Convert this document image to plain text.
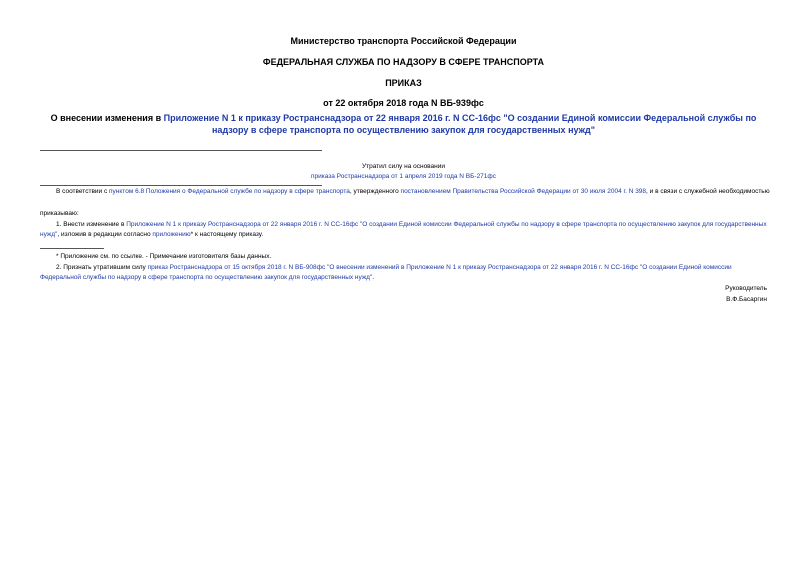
Министерство транспорта Российской Федерации
ФЕДЕРАЛЬНАЯ СЛУЖБА ПО НАДЗОРУ В СФЕРЕ ТРАНСПОРТА
ПРИКАЗ
от 22 октября 2018 года N ВБ-939фс
О внесении изменения в Приложение N 1 к приказу Ространснадзора от 22 января 2016 г. N СС-16фс "О создании Единой комиссии Федеральной службы по надзору в сфере транспорта по осуществлению закупок для государственных нужд"
Утратил силу на основании
приказа Ространснадзора от 1 апреля 2019 года N ВБ-271фс
В соответствии с пунктом 6.8 Положения о Федеральной службе по надзору в сфере транспорта, утвержденного постановлением Правительства Российской Федерации от 30 июля 2004 г. N 398, и в связи с служебной необходимостью
приказываю:
1. Внести изменение в Приложение N 1 к приказу Ространснадзора от 22 января 2016 г. N СС-16фс "О создании Единой комиссии Федеральной службы по надзору в сфере транспорта по осуществлению закупок для государственных нужд", изложив в редакции согласно приложению* к настоящему приказу.
* Приложение см. по ссылке. - Примечание изготовителя базы данных.
2. Признать утратившим силу приказ Ространснадзора от 15 октября 2018 г. N ВБ-908фс "О внесении изменений в Приложение N 1 к приказу Ространснадзора от 22 января 2016 г. N СС-16фс "О создании Единой комиссии Федеральной службы по надзору в сфере транспорта по осуществлению закупок для государственных нужд".
Руководитель
В.Ф.Басаргин
